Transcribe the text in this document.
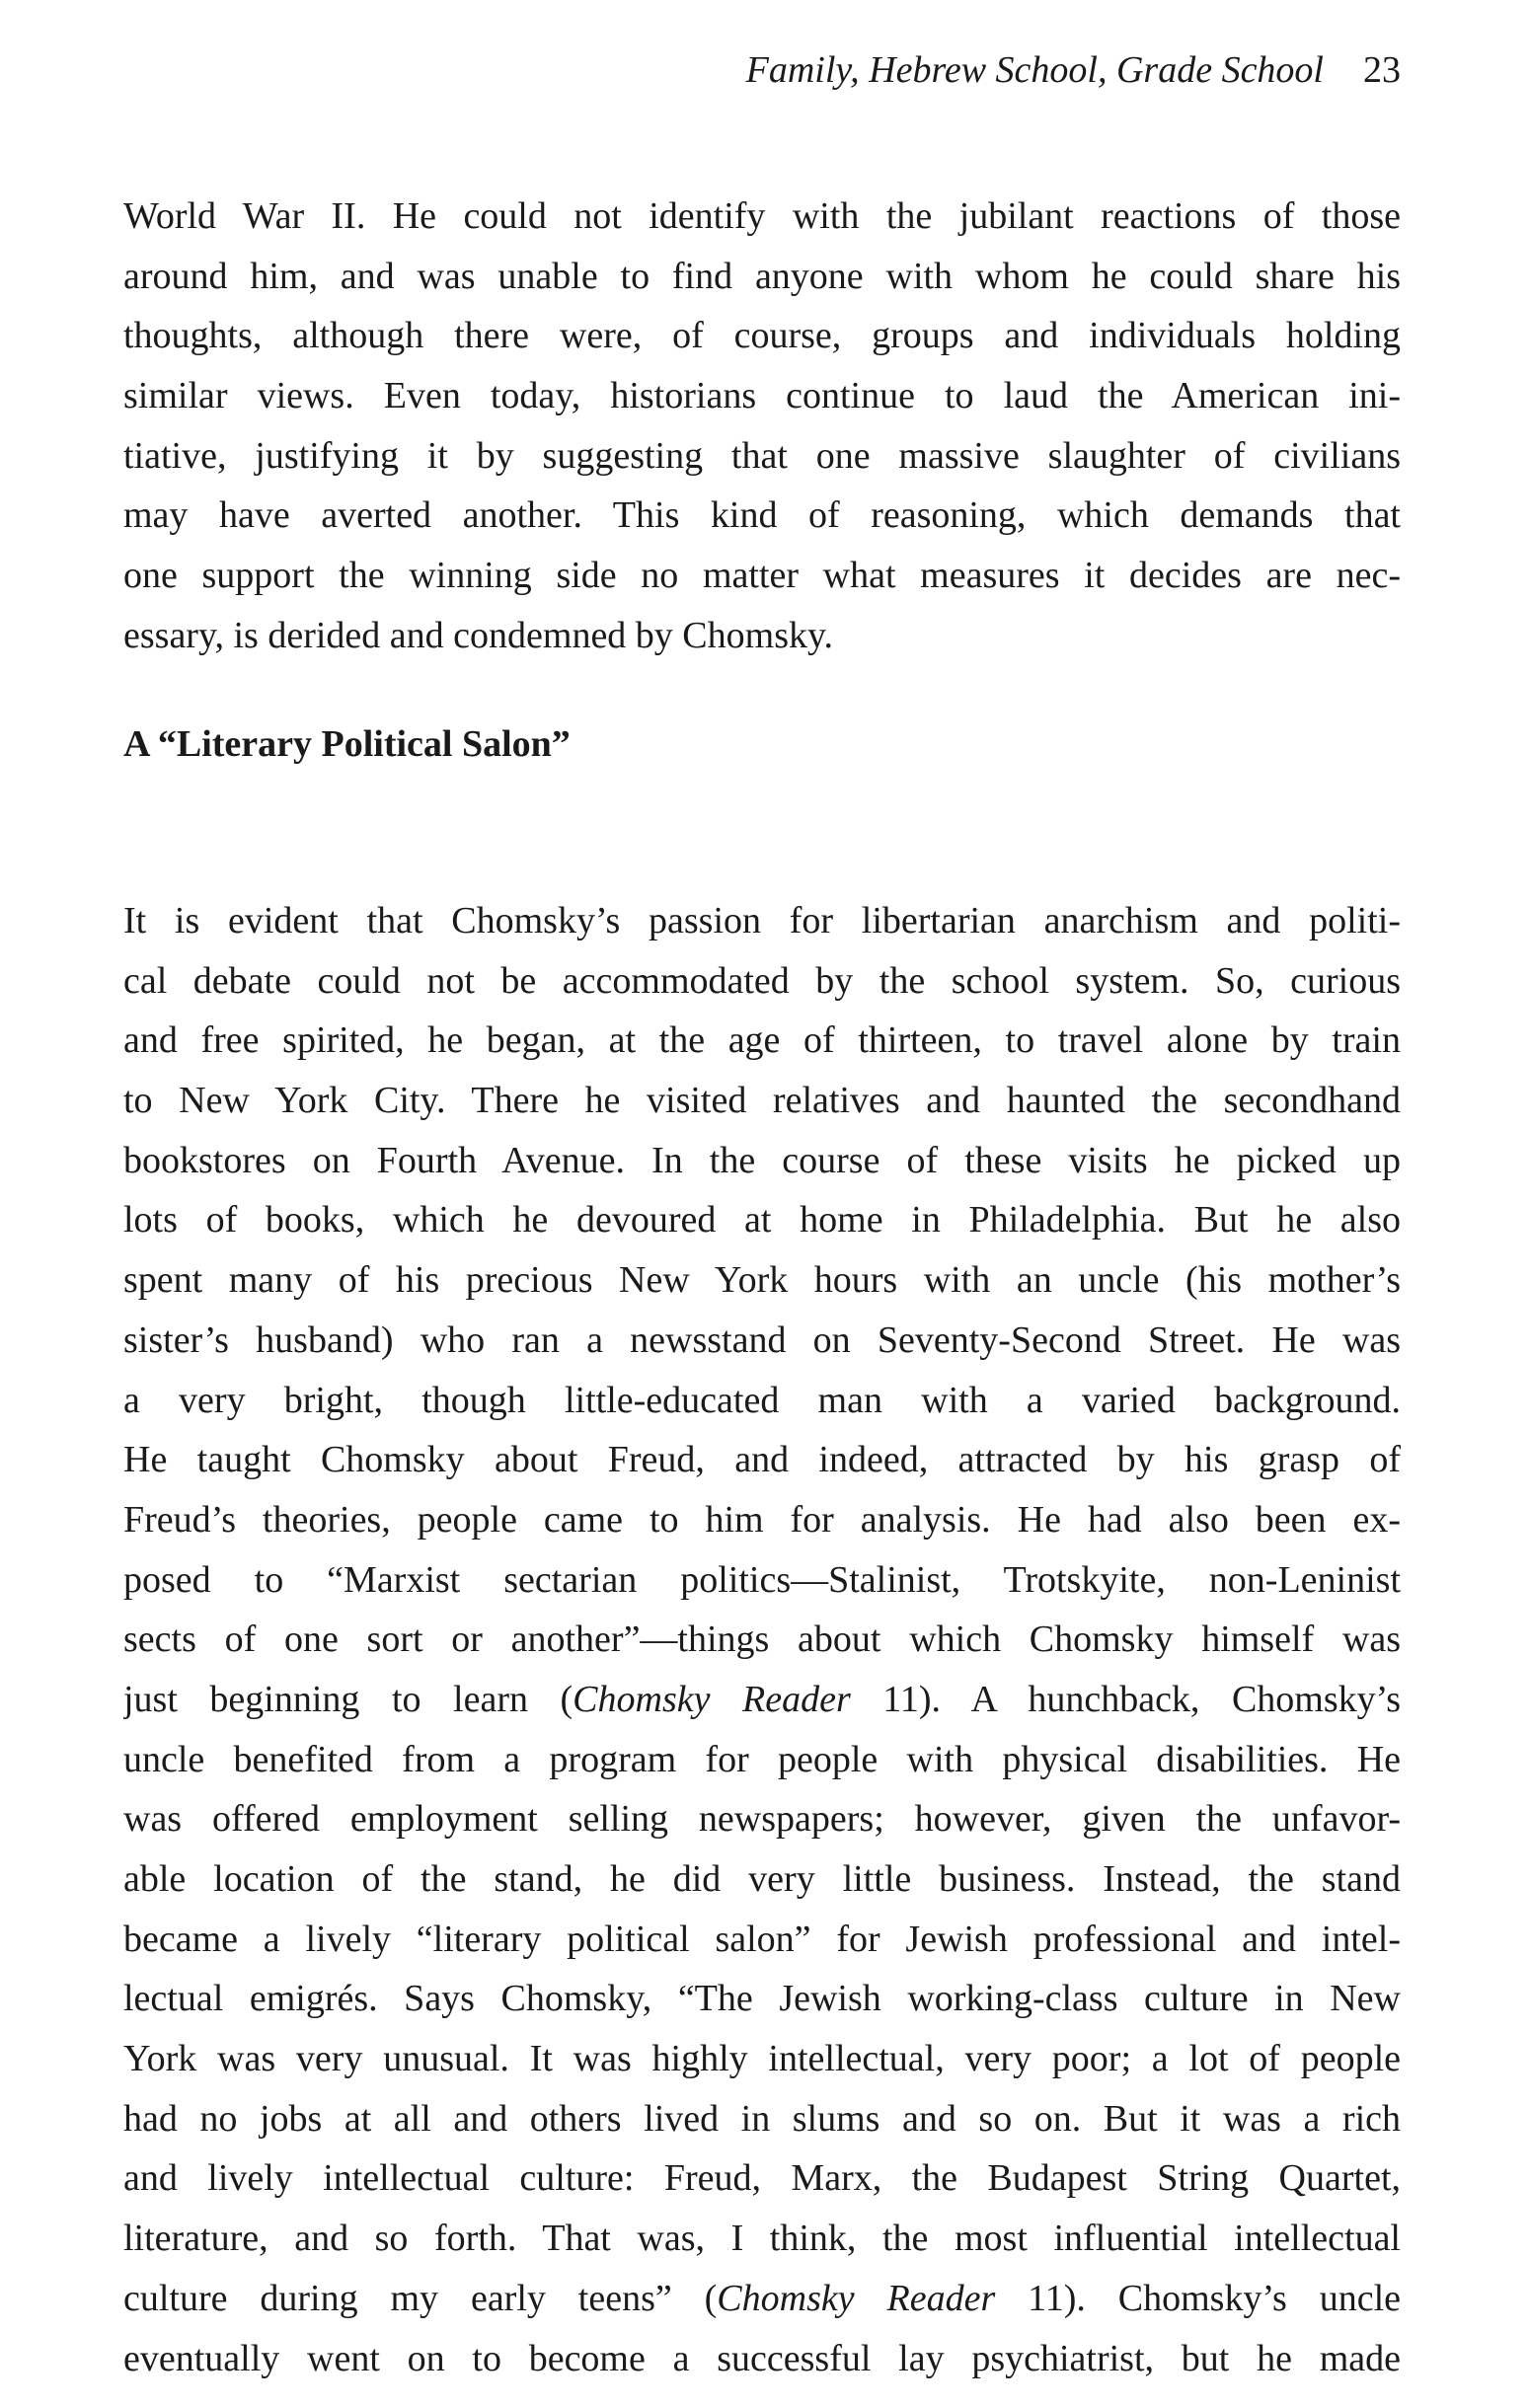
Family, Hebrew School, Grade School 23
World War II. He could not identify with the jubilant reactions of those
around him, and was unable to find anyone with whom he could share his
thoughts, although there were, of course, groups and individuals holding
similar views. Even today, historians continue to laud the American ini-
tiative, justifying it by suggesting that one massive slaughter of civilians
may have averted another. This kind of reasoning, which demands that
one support the winning side no matter what measures it decides are nec-
essary, is derided and condemned by Chomsky.
A “Literary Political Salon”
It is evident that Chomsky’s passion for libertarian anarchism and politi-
cal debate could not be accommodated by the school system. So, curious
and free spirited, he began, at the age of thirteen, to travel alone by train
to New York City. There he visited relatives and haunted the secondhand
bookstores on Fourth Avenue. In the course of these visits he picked up
lots of books, which he devoured at home in Philadelphia. But he also
spent many of his precious New York hours with an uncle (his mother’s
sister’s husband) who ran a newsstand on Seventy-Second Street. He was
a very bright, though little-educated man with a varied background.
He taught Chomsky about Freud, and indeed, attracted by his grasp of
Freud’s theories, people came to him for analysis. He had also been ex-
posed to “Marxist sectarian politics—Stalinist, Trotskyite, non-Leninist
sects of one sort or another”—things about which Chomsky himself was
just beginning to learn (Chomsky Reader 11). A hunchback, Chomsky’s
uncle benefited from a program for people with physical disabilities. He
was offered employment selling newspapers; however, given the unfavor-
able location of the stand, he did very little business. Instead, the stand
became a lively “literary political salon” for Jewish professional and intel-
lectual emigrés. Says Chomsky, “The Jewish working-class culture in New
York was very unusual. It was highly intellectual, very poor; a lot of people
had no jobs at all and others lived in slums and so on. But it was a rich
and lively intellectual culture: Freud, Marx, the Budapest String Quartet,
literature, and so forth. That was, I think, the most influential intellectual
culture during my early teens” (Chomsky Reader 11). Chomsky’s uncle
eventually went on to become a successful lay psychiatrist, but he made
